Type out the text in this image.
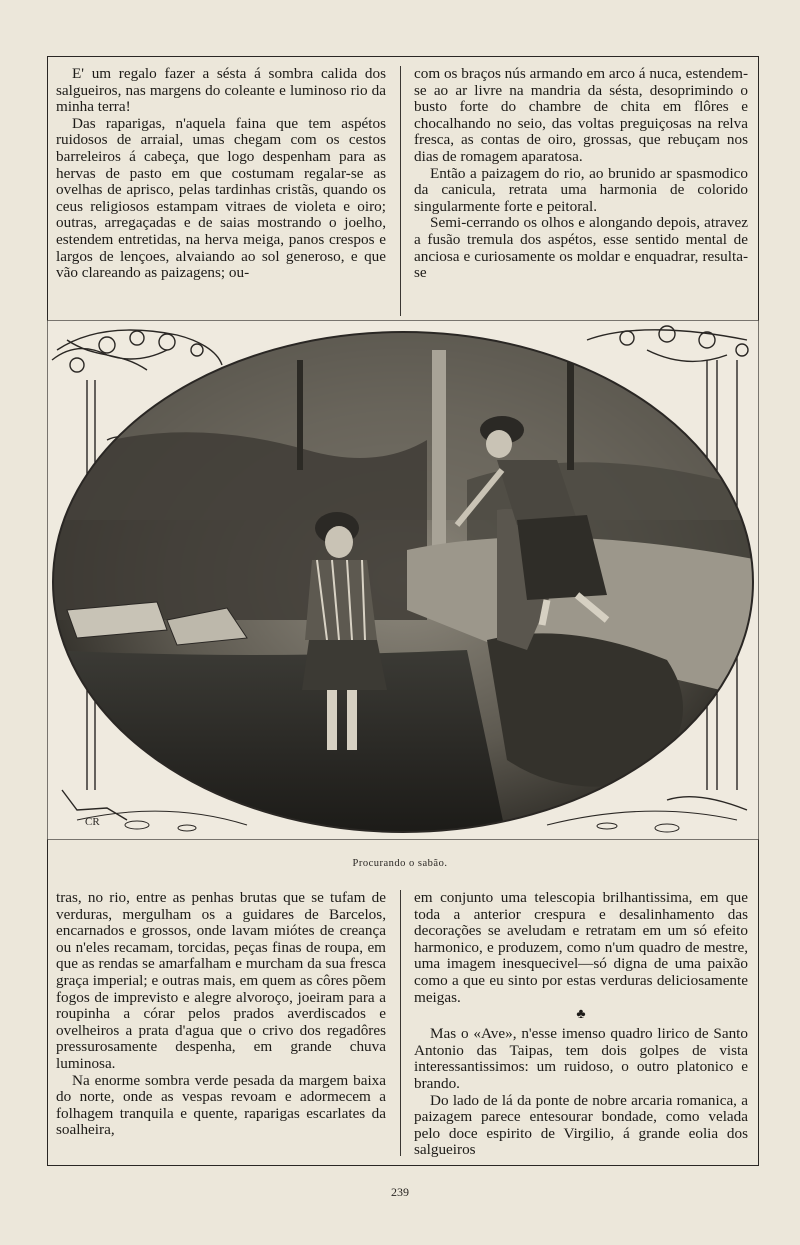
E' um regalo fazer a sésta á sombra calida dos salgueiros, nas margens do coleante e luminoso rio da minha terra!

Das raparigas, n'aquela faina que tem aspétos ruidosos de arraial, umas chegam com os cestos barreleiros á cabeça, que logo despenham para as hervas de pasto em que costumam regalar-se as ovelhas de aprisco, pelas tardinhas cristãs, quando os ceus religiosos estampam vitraes de violeta e oiro; outras, arregaçadas e de saias mostrando o joelho, estendem entretidas, na herva meiga, panos crespos e largos de lençoes, alvaiando ao sol generoso, e que vão clareando as paizagens; ou-

com os braços nús armando em arco á nuca, estendem-se ao ar livre na mandria da sésta, desoprimindo o busto forte do chambre de chita em flôres e chocalhando no seio, das voltas preguiçosas na relva fresca, as contas de oiro, grossas, que rebuçam nos dias de romagem aparatosa.

Então a paizagem do rio, ao brunido ar spasmodico da canicula, retrata uma harmonia de colorido singularmente forte e peitoral.

Semi-cerrando os olhos e alongando depois, atravez a fusão tremula dos aspétos, esse sentido mental de anciosa e curiosamente os moldar e enquadrar, resulta-se

CR
Procurando o sabão.

tras, no rio, entre as penhas brutas que se tufam de verduras, mergulham os a guidares de Barcelos, encarnados e grossos, onde lavam miótes de creança ou n'eles recamam, torcidas, peças finas de roupa, em que as rendas se amarfalham e murcham da sua fresca graça imperial; e outras mais, em quem as côres põem fogos de imprevisto e alegre alvoroço, joeiram para a roupinha a córar pelos prados averdiscados e ovelheiros a prata d'agua que o crivo dos regadôres pressurosamente despenha, em grande chuva luminosa.

Na enorme sombra verde pesada da margem baixa do norte, onde as vespas revoam e adormecem a folhagem tranquila e quente, raparigas escarlates da soalheira,

em conjunto uma telescopia brilhantissima, em que toda a anterior crespura e desalinhamento das decorações se aveludam e retratam em um só efeito harmonico, e produzem, como n'um quadro de mestre, uma imagem inesquecivel—só digna de uma paixão como a que eu sinto por estas verduras deliciosamente meigas.

♣

Mas o «Ave», n'esse imenso quadro lirico de Santo Antonio das Taipas, tem dois golpes de vista interessantissimos: um ruidoso, o outro platonico e brando.

Do lado de lá da ponte de nobre arcaria romanica, a paizagem parece entesourar bondade, como velada pelo doce espirito de Virgilio, á grande eolia dos salgueiros

239
